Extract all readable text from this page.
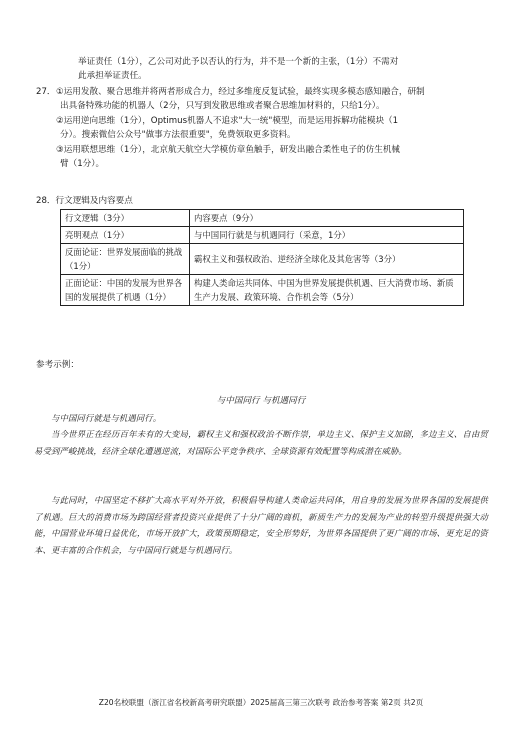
举证责任（1分），乙公司对此予以否认的行为，并不是一个新的主张，（1分）不需对
此承担举证责任。
27． ①运用发散、聚合思维并将两者形成合力，经过多维度反复试验，最终实现多模态感知融合，研制
出具备特殊功能的机器人（2分，只写到发散思维或者聚合思维加材料的，只给1分）。
②运用逆向思维（1分），Optimus机器人不追求"大一统"模型，而是运用拆解功能模块（1
分）。搜索微信公众号"做事方法很重要"，免费领取更多资料。
③运用联想思维（1分），北京航天航空大学模仿章鱼触手，研发出融合柔性电子的仿生机械
臂（1分）。
28．行文逻辑及内容要点
行文逻辑（3分）	内容要点（9分）
亮明观点（1分）	与中国同行就是与机遇同行（采意，1分）
反面论证：世界发展面临的挑战（1分）	霸权主义和强权政治、逆经济全球化及其危害等（3分）
正面论证：中国的发展为世界各国的发展提供了机遇（1分）	构建人类命运共同体、中国为世界发展提供机遇、巨大消费市场、新质生产力发展、政策环境、合作机会等（5分）
参考示例：
与中国同行 与机遇同行
与中国同行就是与机遇同行。
当今世界正在经历百年未有的大变局，霸权主义和强权政治不断作崇，单边主义、保护主义加剧，多边主义、自由贸易受到严峻挑战，经济全球化遭遇逆流，对国际公平竞争秩序、全球资源有效配置等构成潜在威胁。
与此同时，中国坚定不移扩大高水平对外开放，积极倡导构建人类命运共同体，用自身的发展为世界各国的发展提供了机遇。巨大的消费市场为跨国经营者投资兴业提供了十分广阔的商机，新质生产力的发展为产业的转型升级提供强大动能，中国营业环境日益优化，市场开放扩大，政策预期稳定，安全形势好，为世界各国提供了更广阔的市场、更充足的资本、更丰富的合作机会，与中国同行就是与机遇同行。
Z20名校联盟（浙江省名校新高考研究联盟）2025届高三第三次联考 政治参考答案 第2页 共2页
